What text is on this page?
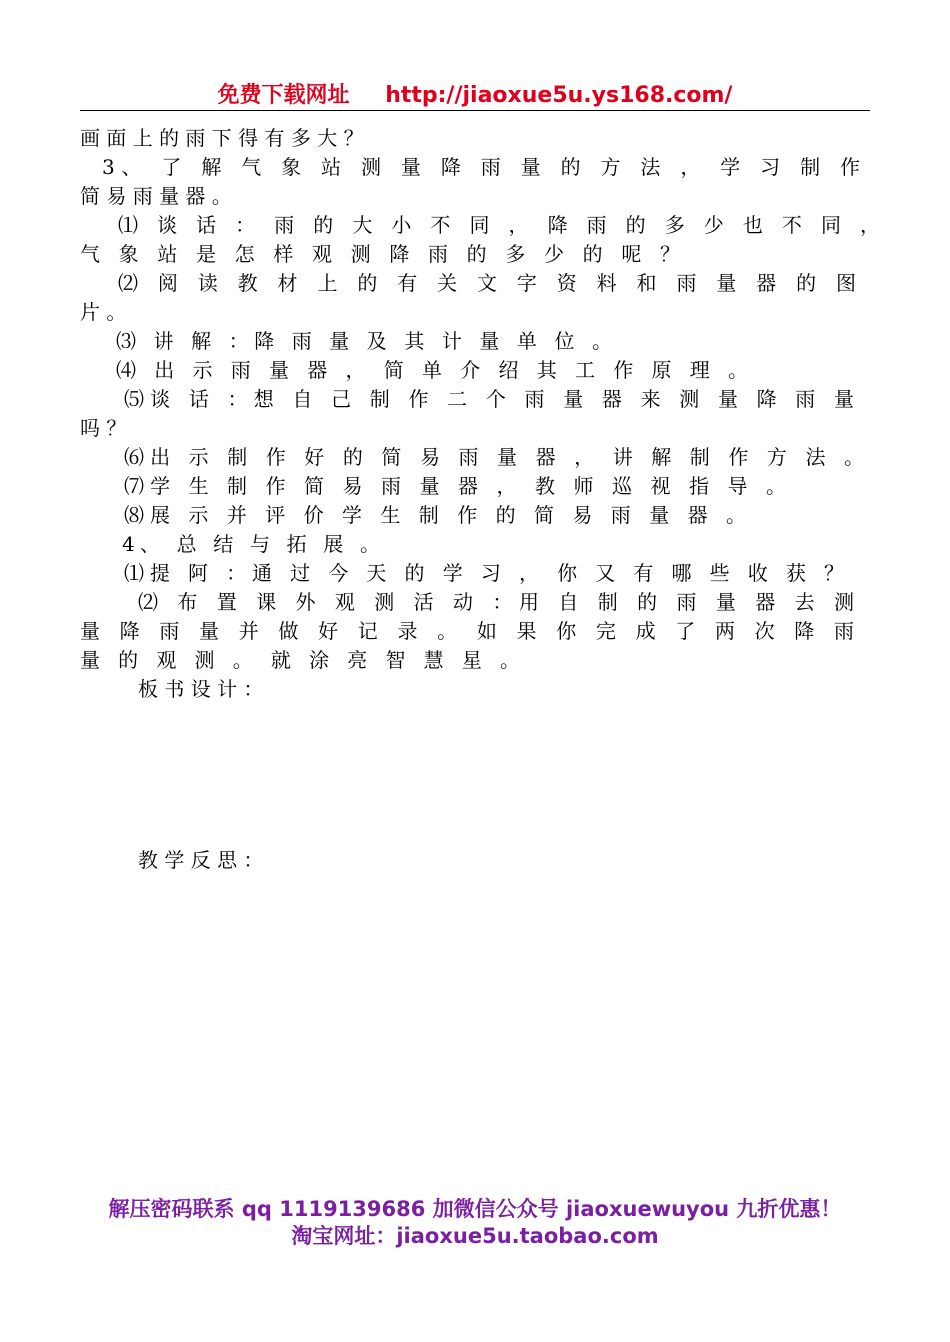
免费下载网址 http://jiaoxue5u.ys168.com/
画 面 上 的 雨 下 得 有 多 大 ？
3、 了 解 气 象 站 测 量 降 雨 量 的 方 法 ， 学 习 制 作
简 易 雨 量 器 。
⑴ 谈 话 ： 雨 的 大 小 不 同 ， 降 雨 的 多 少 也 不 同 ，
气 象 站 是 怎 样 观 测 降 雨 的 多 少 的 呢 ？
⑵ 阅 读 教 材 上 的 有 关 文 字 资 料 和 雨 量 器 的 图
片 。
⑶ 讲 解 ：降 雨 量 及 其 计 量 单 位 。
⑷ 出 示 雨 量 器 ， 简 单 介 绍 其 工 作 原 理 。
⑸谈 话 ：想 自 己 制 作 二 个 雨 量 器 来 测 量 降 雨 量
吗 ？
⑹出 示 制 作 好 的 简 易 雨 量 器 ， 讲 解 制 作 方 法 。
⑺学 生 制 作 简 易 雨 量 器 ， 教 师 巡 视 指 导 。
⑻展 示 并 评 价 学 生 制 作 的 简 易 雨 量 器 。
4、 总 结 与 拓 展 。
⑴提 阿 ：通 过 今 天 的 学 习 ， 你 又 有 哪 些 收 获 ？
⑵ 布 置 课 外 观 测 活 动 ：用 自 制 的 雨 量 器 去 测
量 降 雨 量 并 做 好 记 录 。 如 果 你 完 成 了 两 次 降 雨
量 的 观 测 。 就 涂 亮 智 慧 星 。
板 书 设 计 ：
教 学 反 思 ：
解压密码联系 qq 1119139686 加微信公众号 jiaoxuewuyou 九折优惠！
淘宝网址：jiaoxue5u.taobao.com
